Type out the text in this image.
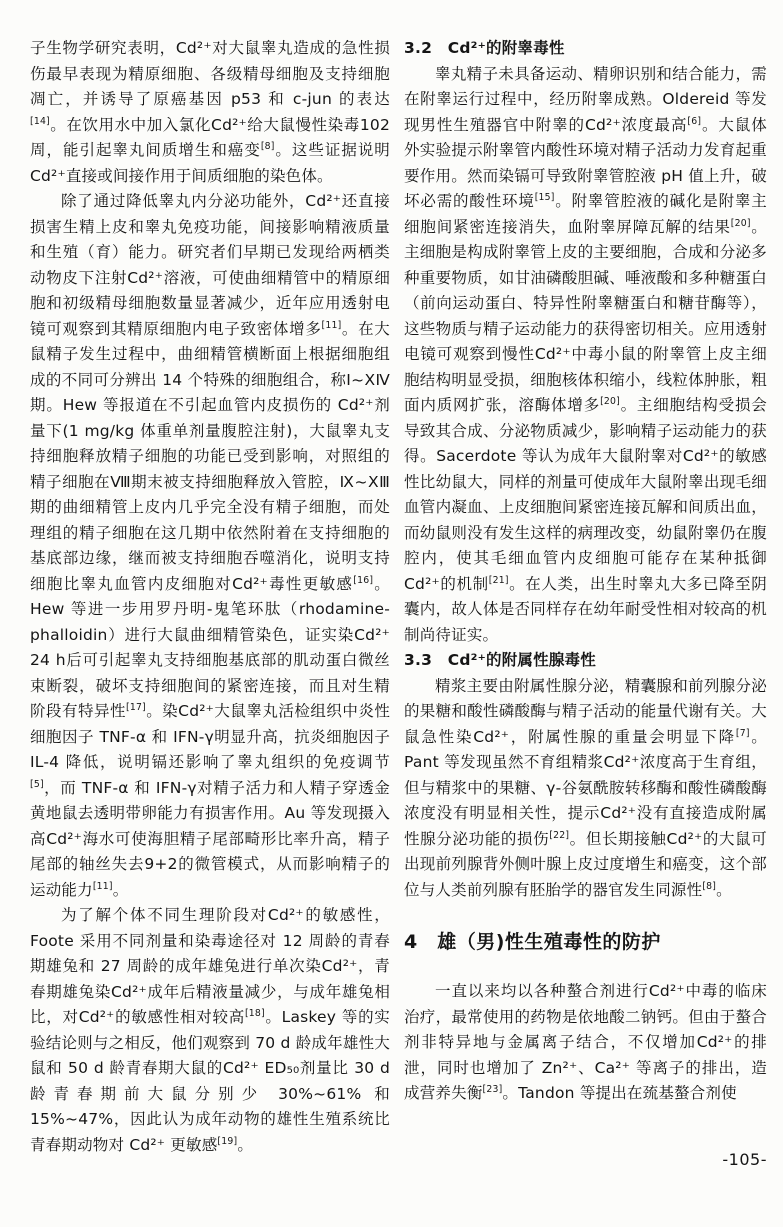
子生物学研究表明，Cd²⁺对大鼠睾丸造成的急性损伤最早表现为精原细胞、各级精母细胞及支持细胞凋亡，并诱导了原癌基因 p53 和 c-jun 的表达[14]。在饮用水中加入氯化Cd²⁺给大鼠慢性染毒102周，能引起睾丸间质增生和癌变[8]。这些证据说明Cd²⁺直接或间接作用于间质细胞的染色体。

除了通过降低睾丸内分泌功能外，Cd²⁺还直接损害生精上皮和睾丸免疫功能，间接影响精液质量和生殖（育）能力。研究者们早期已发现给两栖类动物皮下注射Cd²⁺溶液，可使曲细精管中的精原细胞和初级精母细胞数量显著减少，近年应用透射电镜可观察到其精原细胞内电子致密体增多[11]。在大鼠精子发生过程中，曲细精管横断面上根据细胞组成的不同可分辨出 14 个特殊的细胞组合，称Ⅰ~ⅩⅣ期。Hew 等报道在不引起血管内皮损伤的 Cd²⁺剂量下(1 mg/kg 体重单剂量腹腔注射)，大鼠睾丸支持细胞释放精子细胞的功能已受到影响，对照组的精子细胞在Ⅷ期末被支持细胞释放入管腔，Ⅸ~ⅩⅢ期的曲细精管上皮内几乎完全没有精子细胞，而处理组的精子细胞在这几期中依然附着在支持细胞的基底部边缘，继而被支持细胞吞噬消化，说明支持细胞比睾丸血管内皮细胞对Cd²⁺毒性更敏感[16]。Hew 等进一步用罗丹明-鬼笔环肽（rhodamine-phalloidin）进行大鼠曲细精管染色，证实染Cd²⁺ 24 h后可引起睾丸支持细胞基底部的肌动蛋白微丝束断裂，破坏支持细胞间的紧密连接，而且对生精阶段有特异性[17]。染Cd²⁺大鼠睾丸活检组织中炎性细胞因子 TNF-α 和 IFN-γ明显升高，抗炎细胞因子 IL-4 降低，说明镉还影响了睾丸组织的免疫调节[5]，而 TNF-α 和 IFN-γ对精子活力和人精子穿透金黄地鼠去透明带卵能力有损害作用。Au 等发现摄入高Cd²⁺海水可使海胆精子尾部畸形比率升高，精子尾部的轴丝失去9+2的微管模式，从而影响精子的运动能力[11]。

为了解个体不同生理阶段对Cd²⁺的敏感性，Foote 采用不同剂量和染毒途径对 12 周龄的青春期雄兔和 27 周龄的成年雄兔进行单次染Cd²⁺，青春期雄兔染Cd²⁺成年后精液量减少，与成年雄兔相比，对Cd²⁺的敏感性相对较高[18]。Laskey 等的实验结论则与之相反，他们观察到 70 d 龄成年雄性大鼠和 50 d 龄青春期大鼠的Cd²⁺ ED₅₀剂量比 30 d 龄青春期前大鼠分别少 30%~61% 和 15%~47%，因此认为成年动物的雄性生殖系统比青春期动物对 Cd²⁺ 更敏感[19]。

3.2　Cd²⁺的附睾毒性

睾丸精子未具备运动、精卵识别和结合能力，需在附睾运行过程中，经历附睾成熟。Oldereid 等发现男性生殖器官中附睾的Cd²⁺浓度最高[6]。大鼠体外实验提示附睾管内酸性环境对精子活动力发育起重要作用。然而染镉可导致附睾管腔液 pH 值上升，破坏必需的酸性环境[15]。附睾管腔液的碱化是附睾主细胞间紧密连接消失，血附睾屏障瓦解的结果[20]。主细胞是构成附睾管上皮的主要细胞，合成和分泌多种重要物质，如甘油磷酸胆碱、唾液酸和多种糖蛋白（前向运动蛋白、特异性附睾糖蛋白和糖苷酶等），这些物质与精子运动能力的获得密切相关。应用透射电镜可观察到慢性Cd²⁺中毒小鼠的附睾管上皮主细胞结构明显受损，细胞核体积缩小，线粒体肿胀，粗面内质网扩张，溶酶体增多[20]。主细胞结构受损会导致其合成、分泌物质减少，影响精子运动能力的获得。Sacerdote 等认为成年大鼠附睾对Cd²⁺的敏感性比幼鼠大，同样的剂量可使成年大鼠附睾出现毛细血管内凝血、上皮细胞间紧密连接瓦解和间质出血，而幼鼠则没有发生这样的病理改变，幼鼠附睾仍在腹腔内，使其毛细血管内皮细胞可能存在某种抵御Cd²⁺的机制[21]。在人类，出生时睾丸大多已降至阴囊内，故人体是否同样存在幼年耐受性相对较高的机制尚待证实。

3.3　Cd²⁺的附属性腺毒性

精浆主要由附属性腺分泌，精囊腺和前列腺分泌的果糖和酸性磷酸酶与精子活动的能量代谢有关。大鼠急性染Cd²⁺，附属性腺的重量会明显下降[7]。Pant 等发现虽然不育组精浆Cd²⁺浓度高于生育组，但与精浆中的果糖、γ-谷氨酰胺转移酶和酸性磷酸酶浓度没有明显相关性，提示Cd²⁺没有直接造成附属性腺分泌功能的损伤[22]。但长期接触Cd²⁺的大鼠可出现前列腺背外侧叶腺上皮过度增生和癌变，这个部位与人类前列腺有胚胎学的器官发生同源性[8]。

4　雄（男)性生殖毒性的防护

一直以来均以各种螯合剂进行Cd²⁺中毒的临床治疗，最常使用的药物是依地酸二钠钙。但由于螯合剂非特异地与金属离子结合，不仅增加Cd²⁺的排泄，同时也增加了 Zn²⁺、Ca²⁺ 等离子的排出，造成营养失衡[23]。Tandon 等提出在巯基螯合剂使

-105-
